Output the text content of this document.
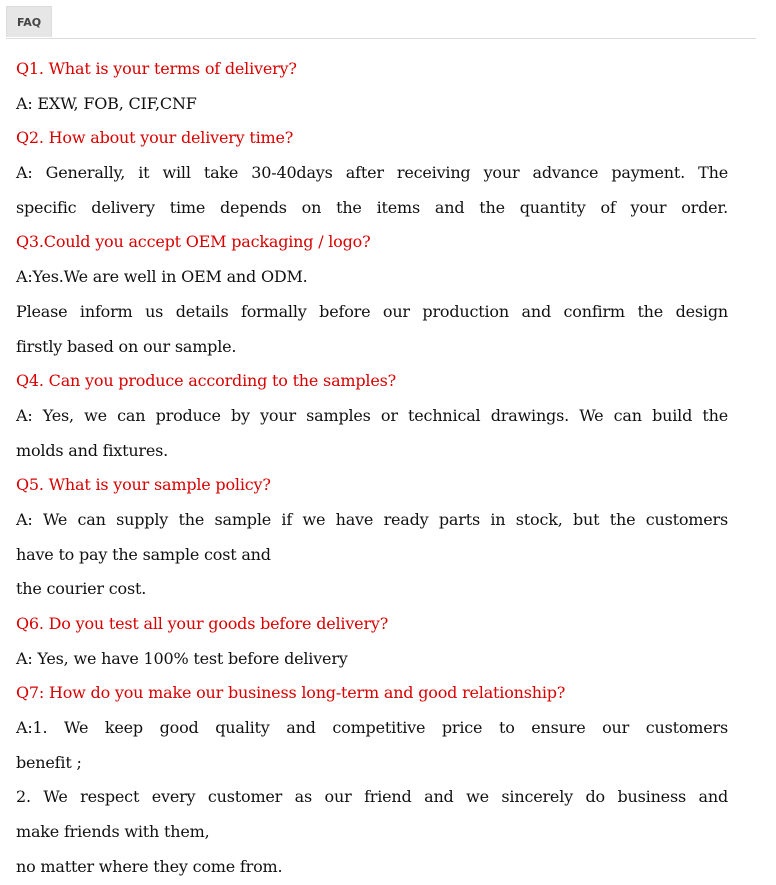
FAQ
Q1. What is your terms of delivery?
A: EXW, FOB, CIF,CNF
Q2. How about your delivery time?
A: Generally, it will take 30-40days after receiving your advance payment. The
specific delivery time depends on the items and the quantity of your order.
Q3.Could you accept OEM packaging / logo?
A:Yes.We are well in OEM and ODM.
Please inform us details formally before our production and confirm the design
firstly based on our sample.
Q4. Can you produce according to the samples?
A: Yes, we can produce by your samples or technical drawings. We can build the
molds and fixtures.
Q5. What is your sample policy?
A: We can supply the sample if we have ready parts in stock, but the customers
have to pay the sample cost and
the courier cost.
Q6. Do you test all your goods before delivery?
A: Yes, we have 100% test before delivery
Q7: How do you make our business long-term and good relationship?
A:1. We keep good quality and competitive price to ensure our customers
benefit ;
2. We respect every customer as our friend and we sincerely do business and
make friends with them,
no matter where they come from.
